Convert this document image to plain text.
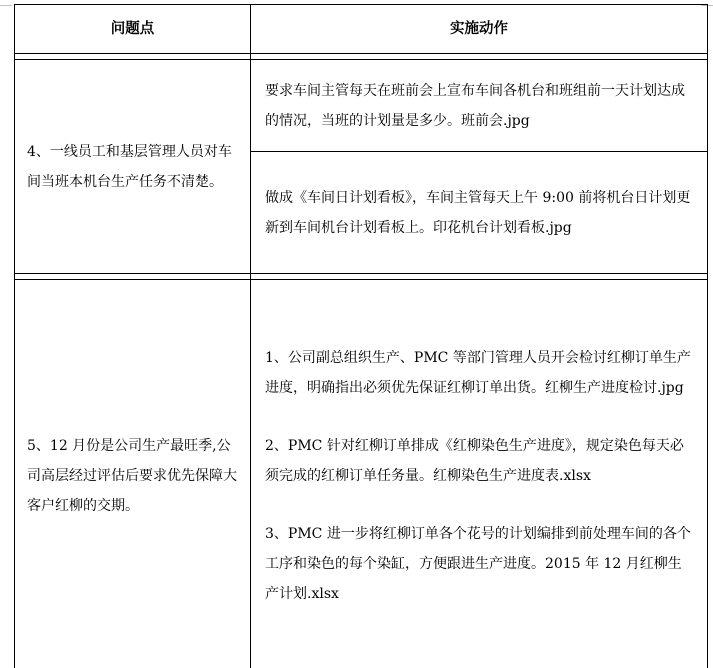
问题点	实施动作

4、一线员工和基层管理人员对车间当班本机台生产任务不清楚。	要求车间主管每天在班前会上宣布车间各机台和班组前一天计划达成的情况，当班的计划量是多少。班前会.jpg
	做成《车间日计划看板》，车间主管每天上午 9:00 前将机台日计划更新到车间机台计划看板上。印花机台计划看板.jpg

5、12 月份是公司生产最旺季,公司高层经过评估后要求优先保障大客户红柳的交期。	1、公司副总组织生产、PMC 等部门管理人员开会检讨红柳订单生产进度，明确指出必须优先保证红柳订单出货。红柳生产进度检讨.jpg

2、PMC 针对红柳订单排成《红柳染色生产进度》，规定染色每天必须完成的红柳订单任务量。红柳染色生产进度表.xlsx

3、PMC 进一步将红柳订单各个花号的计划编排到前处理车间的各个工序和染色的每个染缸，方便跟进生产进度。2015 年 12 月红柳生产计划.xlsx
